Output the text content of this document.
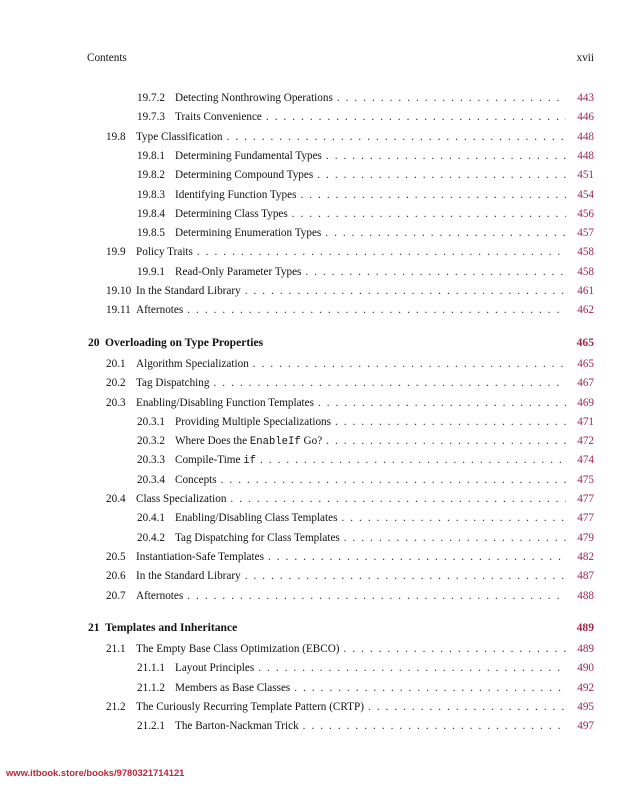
Contents	xvii
19.7.2 Detecting Nonthrowing Operations . . .	443
19.7.3 Traits Convenience . . .	446
19.8 Type Classification . . .	448
19.8.1 Determining Fundamental Types . . .	448
19.8.2 Determining Compound Types . . .	451
19.8.3 Identifying Function Types . . .	454
19.8.4 Determining Class Types . . .	456
19.8.5 Determining Enumeration Types . . .	457
19.9 Policy Traits . . .	458
19.9.1 Read-Only Parameter Types . . .	458
19.10 In the Standard Library . . .	461
19.11 Afternotes . . .	462
20 Overloading on Type Properties	465
20.1 Algorithm Specialization . . .	465
20.2 Tag Dispatching . . .	467
20.3 Enabling/Disabling Function Templates . . .	469
20.3.1 Providing Multiple Specializations . . .	471
20.3.2 Where Does the EnableIf Go? . . .	472
20.3.3 Compile-Time if . . .	474
20.3.4 Concepts . . .	475
20.4 Class Specialization . . .	477
20.4.1 Enabling/Disabling Class Templates . . .	477
20.4.2 Tag Dispatching for Class Templates . . .	479
20.5 Instantiation-Safe Templates . . .	482
20.6 In the Standard Library . . .	487
20.7 Afternotes . . .	488
21 Templates and Inheritance	489
21.1 The Empty Base Class Optimization (EBCO) . . .	489
21.1.1 Layout Principles . . .	490
21.1.2 Members as Base Classes . . .	492
21.2 The Curiously Recurring Template Pattern (CRTP) . . .	495
21.2.1 The Barton-Nackman Trick . . .	497
www.itbook.store/books/9780321714121
